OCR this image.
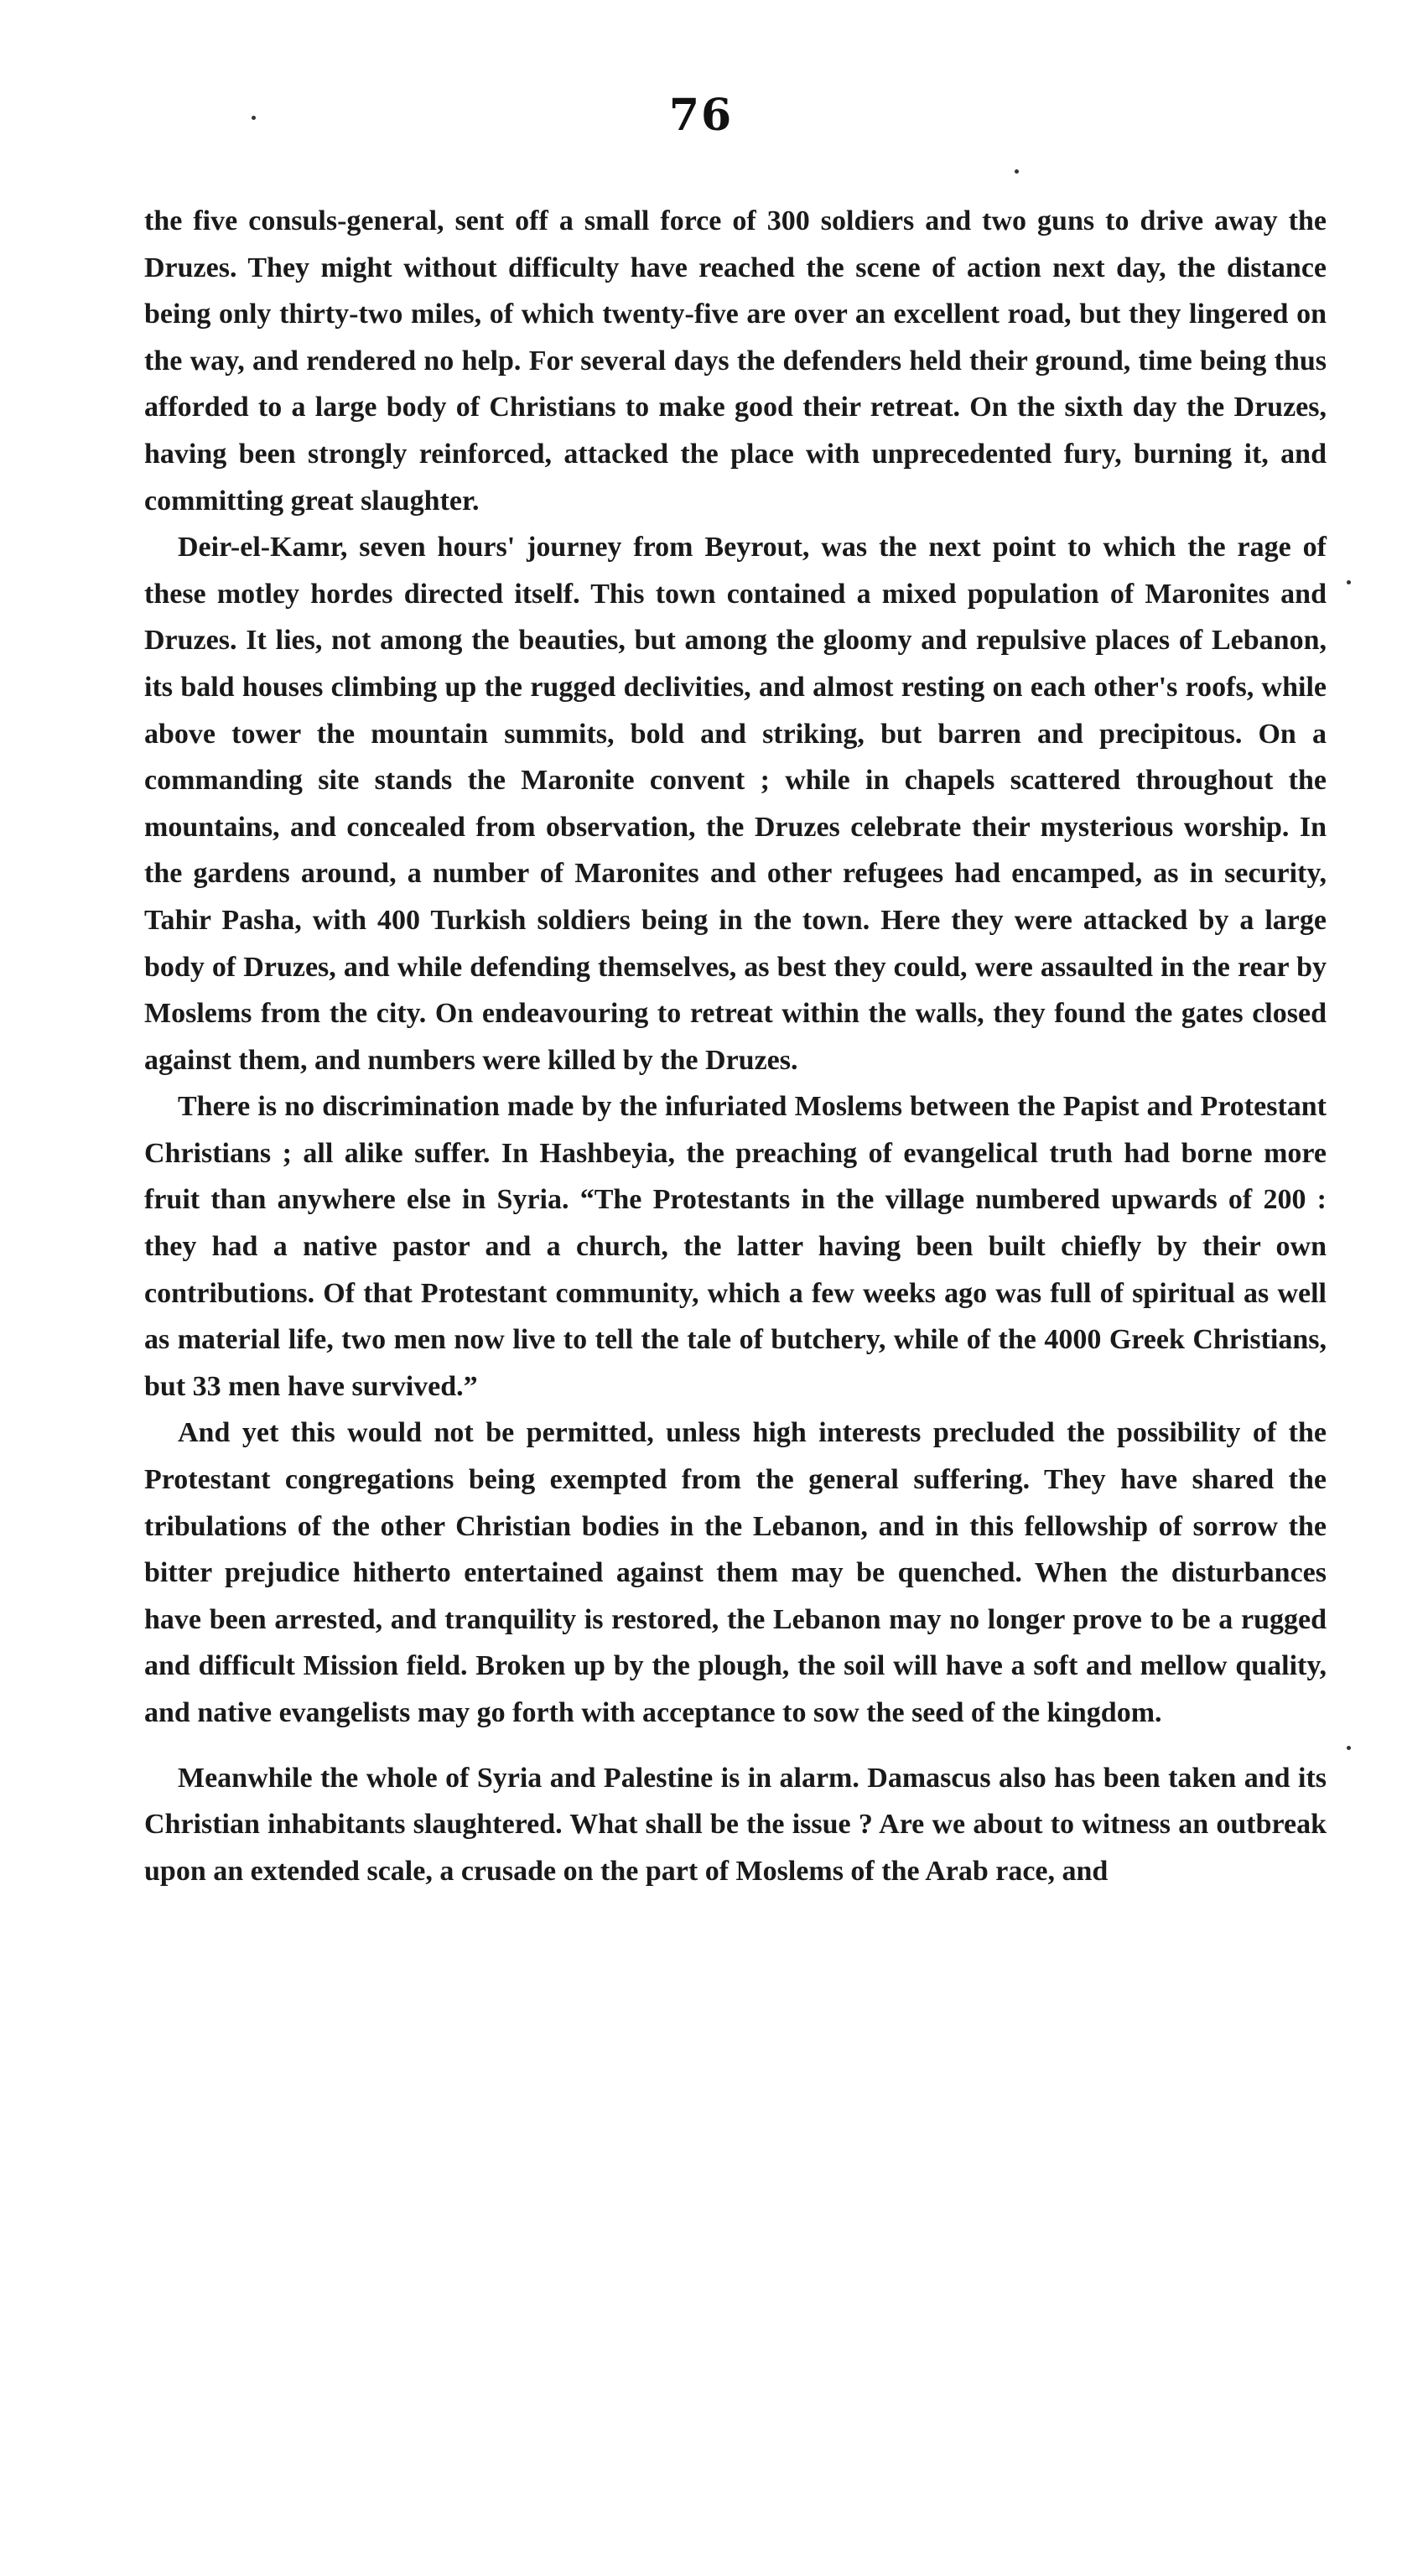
76

the five consuls-general, sent off a small force of 300 soldiers and two guns to drive away the Druzes. They might without difficulty have reached the scene of action next day, the distance being only thirty-two miles, of which twenty-five are over an excellent road, but they lingered on the way, and rendered no help. For several days the defenders held their ground, time being thus afforded to a large body of Christians to make good their retreat. On the sixth day the Druzes, having been strongly reinforced, attacked the place with unprecedented fury, burning it, and committing great slaughter.

Deir-el-Kamr, seven hours' journey from Beyrout, was the next point to which the rage of these motley hordes directed itself. This town contained a mixed population of Maronites and Druzes. It lies, not among the beauties, but among the gloomy and repulsive places of Lebanon, its bald houses climbing up the rugged declivities, and almost resting on each other's roofs, while above tower the mountain summits, bold and striking, but barren and precipitous. On a commanding site stands the Maronite convent ; while in chapels scattered throughout the mountains, and concealed from observation, the Druzes celebrate their mysterious worship. In the gardens around, a number of Maronites and other refugees had encamped, as in security, Tahir Pasha, with 400 Turkish soldiers being in the town. Here they were attacked by a large body of Druzes, and while defending themselves, as best they could, were assaulted in the rear by Moslems from the city. On endeavouring to retreat within the walls, they found the gates closed against them, and numbers were killed by the Druzes.

There is no discrimination made by the infuriated Moslems between the Papist and Protestant Christians ; all alike suffer. In Hashbeyia, the preaching of evangelical truth had borne more fruit than anywhere else in Syria. “The Protestants in the village numbered upwards of 200 : they had a native pastor and a church, the latter having been built chiefly by their own contributions. Of that Protestant community, which a few weeks ago was full of spiritual as well as material life, two men now live to tell the tale of butchery, while of the 4000 Greek Christians, but 33 men have survived.”

And yet this would not be permitted, unless high interests precluded the possibility of the Protestant congregations being exempted from the general suffering. They have shared the tribulations of the other Christian bodies in the Lebanon, and in this fellowship of sorrow the bitter prejudice hitherto entertained against them may be quenched. When the disturbances have been arrested, and tranquility is restored, the Lebanon may no longer prove to be a rugged and difficult Mission field. Broken up by the plough, the soil will have a soft and mellow quality, and native evangelists may go forth with acceptance to sow the seed of the kingdom.

Meanwhile the whole of Syria and Palestine is in alarm. Damascus also has been taken and its Christian inhabitants slaughtered. What shall be the issue ? Are we about to witness an outbreak upon an extended scale, a crusade on the part of Moslems of the Arab race, and
